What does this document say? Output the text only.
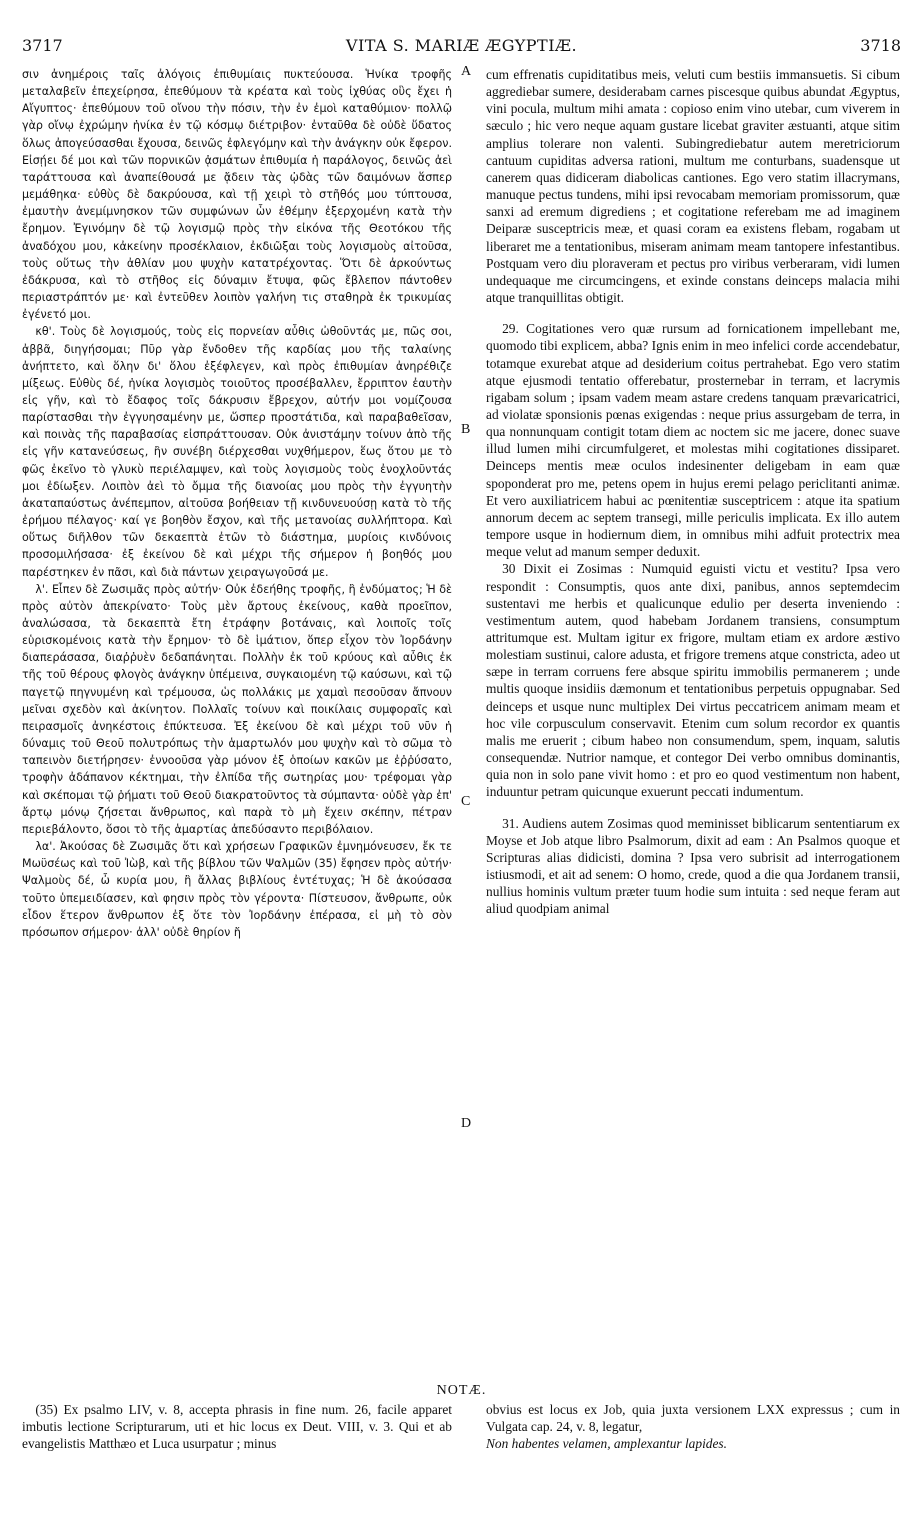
3717	VITA S. MARIÆ ÆGYPTIÆ.	3718

σιν ἀνημέροις ταῖς ἀλόγοις ἐπιθυμίαις πυκτεύουσα. Ἡνίκα τροφῆς μεταλαβεῖν ἐπεχείρησα, ἐπεθύμουν τὰ κρέατα καὶ τοὺς ἰχθύας οὓς ἔχει ἡ Αἴγυπτος· ἐπεθύμουν τοῦ οἴνου τὴν πόσιν, τὴν ἐν ἐμοὶ καταθύμιον· πολλῷ γὰρ οἴνῳ ἐχρώμην ἡνίκα ἐν τῷ κόσμῳ διέτριβον· ἐνταῦθα δὲ οὐδὲ ὕδατος ὅλως ἀπογεύσασθαι ἔχουσα, δεινῶς ἐφλεγόμην καὶ τὴν ἀνάγκην οὐκ ἔφερον. Εἰσῄει δέ μοι καὶ τῶν πορνικῶν ᾀσμάτων ἐπιθυμία ἡ παράλογος, δεινῶς ἀεὶ ταράττουσα καὶ ἀναπείθουσά με ᾄδειν τὰς ᾠδὰς τῶν δαιμόνων ἅσπερ μεμάθηκα· εὐθὺς δὲ δακρύουσα, καὶ τῇ χειρὶ τὸ στῆθός μου τύπτουσα, ἐμαυτὴν ἀνεμίμνησκον τῶν συμφώνων ὧν ἐθέμην ἐξερχομένη κατὰ τὴν ἔρημον. Ἐγινόμην δὲ τῷ λογισμῷ πρὸς τὴν εἰκόνα τῆς Θεοτόκου τῆς ἀναδόχου μου, κἀκείνην προσέκλαιον, ἐκδιῶξαι τοὺς λογισμοὺς αἰτοῦσα, τοὺς οὕτως τὴν ἀθλίαν μου ψυχὴν κατατρέχοντας. Ὅτι δὲ ἀρκούντως ἐδάκρυσα, καὶ τὸ στῆθος εἰς δύναμιν ἔτυψα, φῶς ἔβλεπον πάντοθεν περιαστράπτόν με· καὶ ἐντεῦθεν λοιπὸν γαλήνη τις σταθηρὰ ἐκ τρικυμίας ἐγένετό μοι.

κθ'. Τοὺς δὲ λογισμούς, τοὺς εἰς πορνείαν αὖθις ὠθοῦντάς με, πῶς σοι, ἀββᾶ, διηγήσομαι; Πῦρ γὰρ ἔνδοθεν τῆς καρδίας μου τῆς ταλαίνης ἀνήπτετο, καὶ ὅλην δι' ὅλου ἐξέφλεγεν, καὶ πρὸς ἐπιθυμίαν ἀνηρέθιζε μίξεως. Εὐθὺς δέ, ἡνίκα λογισμὸς τοιοῦτος προσέβαλλεν, ἔρριπτον ἐαυτὴν εἰς γῆν, καὶ τὸ ἔδαφος τοῖς δάκρυσιν ἔβρεχον, αὐτήν μοι νομίζουσα παρίστασθαι τὴν ἐγγυησαμένην με, ὥσπερ προστάτιδα, καὶ παραβαθεῖσαν, καὶ ποινὰς τῆς παραβασίας εἰσπράττουσαν. Οὐκ ἀνιστάμην τοίνυν ἀπὸ τῆς εἰς γῆν κατανεύσεως, ἢν συνέβη διέρχεσθαι νυχθήμερον, ἕως ὅτου με τὸ φῶς ἐκεῖνο τὸ γλυκὺ περιέλαμψεν, καὶ τοὺς λογισμοὺς τοὺς ἐνοχλοῦντάς μοι ἐδίωξεν. Λοιπὸν ἀεὶ τὸ ὄμμα τῆς διανοίας μου πρὸς τὴν ἐγγυητὴν ἀκαταπαύστως ἀνέπεμπον, αἰτοῦσα βοήθειαν τῇ κινδυνευούσῃ κατὰ τὸ τῆς ἐρήμου πέλαγος· καί γε βοηθὸν ἔσχον, καὶ τῆς μετανοίας συλλήπτορα. Καὶ οὕτως διῆλθον τῶν δεκαεπτὰ ἐτῶν τὸ διάστημα, μυρίοις κινδύνοις προσομιλήσασα· ἐξ ἐκείνου δὲ καὶ μέχρι τῆς σήμερον ἡ βοηθός μου παρέστηκεν ἐν πᾶσι, καὶ διὰ πάντων χειραγωγοῦσά με.

λ'. Εἶπεν δὲ Ζωσιμᾶς πρὸς αὐτήν· Οὐκ ἐδεήθης τροφῆς, ἢ ἐνδύματος; Ἡ δὲ πρὸς αὐτὸν ἀπεκρίνατο· Τοὺς μὲν ἄρτους ἐκείνους, καθὰ προεῖπον, ἀναλώσασα, τὰ δεκαεπτὰ ἔτη ἐτράφην βοτάναις, καὶ λοιποῖς τοῖς εὑρισκομένοις κατὰ τὴν ἔρημον· τὸ δὲ ἱμάτιον, ὅπερ εἶχον τὸν Ἰορδάνην διαπεράσασα, διαῤῥυὲν δεδαπάνηται. Πολλὴν ἐκ τοῦ κρύους καὶ αὖθις ἐκ τῆς τοῦ θέρους φλογὸς ἀνάγκην ὑπέμεινα, συγκαιομένη τῷ καύσωνι, καὶ τῷ παγετῷ πηγνυμένη καὶ τρέμουσα, ὡς πολλάκις με χαμαὶ πεσοῦσαν ἄπνουν μεῖναι σχεδὸν καὶ ἀκίνητον. Πολλαῖς τοίνυν καὶ ποικίλαις συμφοραῖς καὶ πειρασμοῖς ἀνηκέστοις ἐπύκτευσα. Ἐξ ἐκείνου δὲ καὶ μέχρι τοῦ νῦν ἡ δύναμις τοῦ Θεοῦ πολυτρόπως τὴν ἁμαρτωλόν μου ψυχὴν καὶ τὸ σῶμα τὸ ταπεινὸν διετήρησεν· ἐννοοῦσα γὰρ μόνον ἐξ ὁποίων κακῶν με ἐῤῥύσατο, τροφὴν ἀδάπανον κέκτημαι, τὴν ἐλπίδα τῆς σωτηρίας μου· τρέφομαι γὰρ καὶ σκέπομαι τῷ ῥήματι τοῦ Θεοῦ διακρατοῦντος τὰ σύμπαντα· οὐδὲ γὰρ ἐπ' ἄρτῳ μόνῳ ζήσεται ἄνθρωπος, καὶ παρὰ τὸ μὴ ἔχειν σκέπην, πέτραν περιεβάλοντο, ὅσοι τὸ τῆς ἁμαρτίας ἀπεδύσαντο περιβόλαιον.

λα'. Ἀκούσας δὲ Ζωσιμᾶς ὅτι καὶ χρήσεων Γραφικῶν ἐμνημόνευσεν, ἔκ τε Μωϋσέως καὶ τοῦ Ἰὼβ, καὶ τῆς βίβλου τῶν Ψαλμῶν (35) ἔφησεν πρὸς αὐτήν· Ψαλμοὺς δέ, ὦ κυρία μου, ἢ ἄλλας βιβλίους ἐντέτυχας; Ἡ δὲ ἀκούσασα τοῦτο ὑπεμειδίασεν, καὶ φησιν πρὸς τὸν γέροντα· Πίστευσον, ἄνθρωπε, οὐκ εἶδον ἕτερον ἄνθρωπον ἐξ ὅτε τὸν Ἰορδάνην ἐπέρασα, εἰ μὴ τὸ σὸν πρόσωπον σήμερον· ἀλλ' οὐδὲ θηρίον ἤ

A
B
C
D

cum effrenatis cupiditatibus meis, veluti cum bestiis immansuetis. Si cibum aggrediebar sumere, desiderabam carnes piscesque quibus abundat Ægyptus, vini pocula, multum mihi amata : copioso enim vino utebar, cum viverem in sæculo ; hic vero neque aquam gustare licebat graviter æstuanti, atque sitim amplius tolerare non valenti. Subingrediebatur autem meretriciorum cantuum cupiditas adversa rationi, multum me conturbans, suadensque ut canerem quas didiceram diabolicas cantiones. Ego vero statim illacrymans, manuque pectus tundens, mihi ipsi revocabam memoriam promissorum, quæ sanxi ad eremum digrediens ; et cogitatione referebam me ad imaginem Deiparæ susceptricis meæ, et quasi coram ea existens flebam, rogabam ut liberaret me a tentationibus, miseram animam meam tantopere infestantibus. Postquam vero diu ploraveram et pectus pro viribus verberaram, vidi lumen undequaque me circumcingens, et exinde constans deinceps malacia mihi atque tranquillitas obtigit.

29. Cogitationes vero quæ rursum ad fornicationem impellebant me, quomodo tibi explicem, abba? Ignis enim in meo infelici corde accendebatur, totamque exurebat atque ad desiderium coitus pertrahebat. Ego vero statim atque ejusmodi tentatio offerebatur, prosternebar in terram, et lacrymis rigabam solum ; ipsam vadem meam astare credens tanquam prævaricatrici, ad violatæ sponsionis pœnas exigendas : neque prius assurgebam de terra, in qua nonnunquam contigit totam diem ac noctem sic me jacere, donec suave illud lumen mihi circumfulgeret, et molestas mihi cogitationes dissiparet. Deinceps mentis meæ oculos indesinenter deligebam in eam quæ spoponderat pro me, petens opem in hujus eremi pelago periclitanti animæ. Et vero auxiliatricem habui ac pœnitentiæ susceptricem : atque ita spatium annorum decem ac septem transegi, mille periculis implicata. Ex illo autem tempore usque in hodiernum diem, in omnibus mihi adfuit protectrix mea meque velut ad manum semper deduxit.

30 Dixit ei Zosimas : Numquid eguisti victu et vestitu? Ipsa vero respondit : Consumptis, quos ante dixi, panibus, annos septemdecim sustentavi me herbis et qualicunque edulio per deserta inveniendo : vestimentum autem, quod habebam Jordanem transiens, consumptum attritumque est. Multam igitur ex frigore, multam etiam ex ardore æstivo molestiam sustinui, calore adusta, et frigore tremens atque constricta, adeo ut sæpe in terram corruens fere absque spiritu immobilis permanerem ; unde multis quoque insidiis dæmonum et tentationibus perpetuis oppugnabar. Sed deinceps et usque nunc multiplex Dei virtus peccatricem animam meam et hoc vile corpusculum conservavit. Etenim cum solum recordor ex quantis malis me eruerit ; cibum habeo non consumendum, spem, inquam, salutis consequendæ. Nutrior namque, et contegor Dei verbo omnibus dominantis, quia non in solo pane vivit homo : et pro eo quod vestimentum non habent, induuntur petram quicunque exuerunt peccati indumentum.

31. Audiens autem Zosimas quod meminisset biblicarum sententiarum ex Moyse et Job atque libro Psalmorum, dixit ad eam : An Psalmos quoque et Scripturas alias didicisti, domina ? Ipsa vero subrisit ad interrogationem istiusmodi, et ait ad senem: O homo, crede, quod a die qua Jordanem transii, nullius hominis vultum præter tuum hodie sum intuita : sed neque feram aut aliud quodpiam animal

NOTÆ.

(35) Ex psalmo LIV, v. 8, accepta phrasis in fine num. 26, facile apparet imbutis lectione Scripturarum, uti et hic locus ex Deut. VIII, v. 3. Qui et ab evangelistis Matthæo et Luca usurpatur ; minus

obvius est locus ex Job, quia juxta versionem LXX expressus ; cum in Vulgata cap. 24, v. 8, legatur,

Non habentes velamen, amplexantur lapides.
